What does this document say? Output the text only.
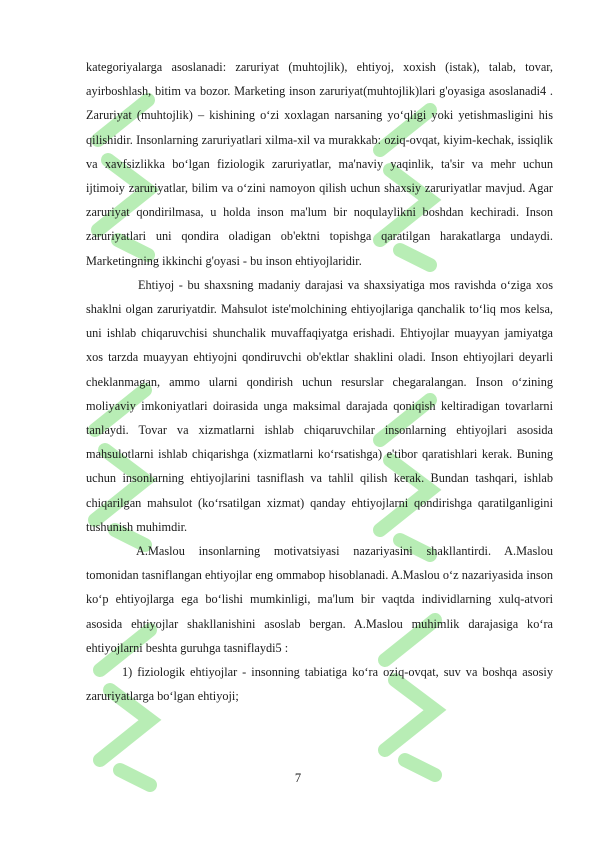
kategoriyalarga asoslanadi: zaruriyat (muhtojlik), ehtiyoj, xoxish (istak), talab, tovar, ayirboshlash, bitim va bozor. Marketing inson zaruriyat(muhtojlik)lari g'oyasiga asoslanadi4 . Zaruriyat (muhtojlik) – kishining o‘zi xoxlagan narsaning yo‘qligi yoki yetishmasligini his qilishidir. Insonlarning zaruriyatlari xilma-xil va murakkab: oziq-ovqat, kiyim-kechak, issiqlik va xavfsizlikka bo‘lgan fiziologik zaruriyatlar, ma'naviy yaqinlik, ta'sir va mehr uchun ijtimoiy zaruriyatlar, bilim va o‘zini namoyon qilish uchun shaxsiy zaruriyatlar mavjud. Agar zaruriyat qondirilmasa, u holda inson ma'lum bir noqulaylikni boshdan kechiradi. Inson zaruriyatlari uni qondira oladigan ob'ektni topishga qaratilgan harakatlarga undaydi. Marketingning ikkinchi g'oyasi - bu inson ehtiyojlaridir.

Ehtiyoj - bu shaxsning madaniy darajasi va shaxsiyatiga mos ravishda o‘ziga xos shaklni olgan zaruriyatdir. Mahsulot iste'molchining ehtiyojlariga qanchalik to‘liq mos kelsa, uni ishlab chiqaruvchisi shunchalik muvaffaqiyatga erishadi. Ehtiyojlar muayyan jamiyatga xos tarzda muayyan ehtiyojni qondiruvchi ob'ektlar shaklini oladi. Inson ehtiyojlari deyarli cheklanmagan, ammo ularni qondirish uchun resurslar chegaralangan. Inson o‘zining moliyaviy imkoniyatlari doirasida unga maksimal darajada qoniqish keltiradigan tovarlarni tanlaydi. Tovar va xizmatlarni ishlab chiqaruvchilar insonlarning ehtiyojlari asosida mahsulotlarni ishlab chiqarishga (xizmatlarni ko‘rsatishga) e'tibor qaratishlari kerak. Buning uchun insonlarning ehtiyojlarini tasniflash va tahlil qilish kerak. Bundan tashqari, ishlab chiqarilgan mahsulot (ko‘rsatilgan xizmat) qanday ehtiyojlarni qondirishga qaratilganligini tushunish muhimdir.

A.Maslou insonlarning motivatsiyasi nazariyasini shakllantirdi. A.Maslou tomonidan tasniflangan ehtiyojlar eng ommabop hisoblanadi. A.Maslou o‘z nazariyasida inson ko‘p ehtiyojlarga ega bo‘lishi mumkinligi, ma'lum bir vaqtda individlarning xulq-atvori asosida ehtiyojlar shakllanishini asoslab bergan. A.Maslou muhimlik darajasiga ko‘ra ehtiyojlarni beshta guruhga tasniflaydi5 :

1) fiziologik ehtiyojlar - insonning tabiatiga ko‘ra oziq-ovqat, suv va boshqa asosiy zaruriyatlarga bo‘lgan ehtiyoji;

7
